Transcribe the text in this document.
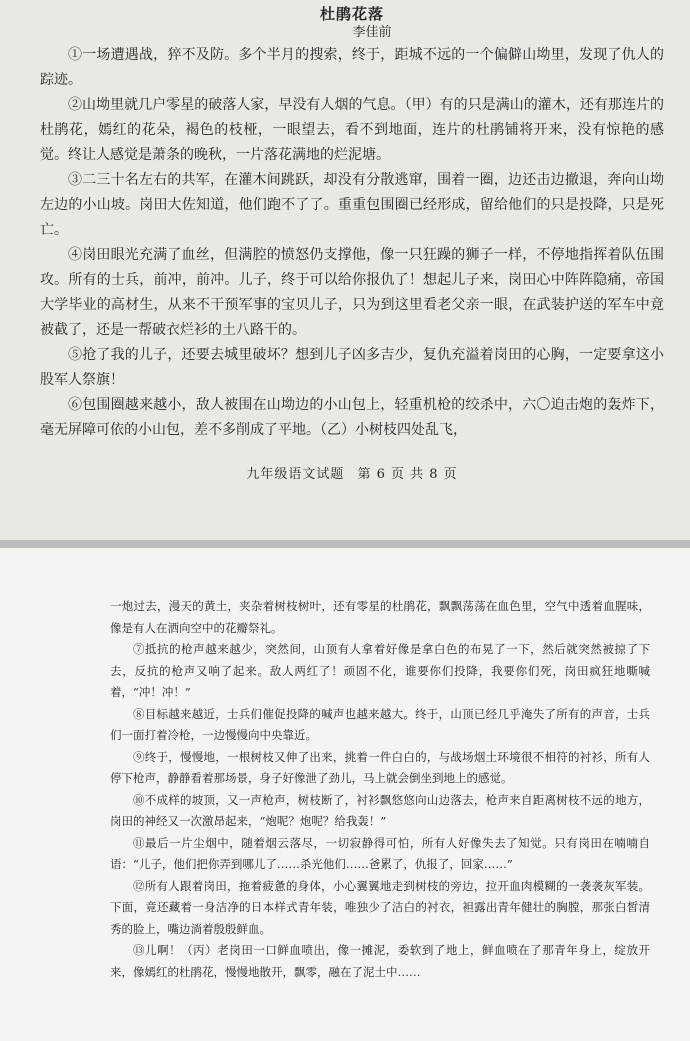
杜鹃花落
李佳前

①一场遭遇战，猝不及防。多个半月的搜索，终于，距城不远的一个偏僻山坳里，发现了仇人的踪迹。

②山坳里就几户零星的破落人家，早没有人烟的气息。（甲）有的只是满山的灌木，还有那连片的杜鹃花，嫣红的花朵，褐色的枝桠，一眼望去，看不到地面，连片的杜鹃铺将开来，没有惊艳的感觉。终让人感觉是萧条的晚秋，一片落花满地的烂泥塘。

③二三十名左右的共军，在灌木间跳跃，却没有分散逃窜，围着一圈，边还击边撤退，奔向山坳左边的小山坡。岗田大佐知道，他们跑不了了。重重包围圈已经形成，留给他们的只是投降，只是死亡。

④岗田眼光充满了血丝，但满腔的愤怒仍支撑他，像一只狂躁的狮子一样，不停地指挥着队伍围攻。所有的士兵，前冲，前冲。儿子，终于可以给你报仇了！想起儿子来，岗田心中阵阵隐痛，帝国大学毕业的高材生，从来不干预军事的宝贝儿子，只为到这里看老父亲一眼，在武装护送的军车中竟被截了，还是一帮破衣烂衫的土八路干的。

⑤抢了我的儿子，还要去城里破坏？想到儿子凶多吉少，复仇充溢着岗田的心胸，一定要拿这小股军人祭旗！

⑥包围圈越来越小，敌人被围在山坳边的小山包上，轻重机枪的绞杀中，六〇迫击炮的轰炸下，毫无屏障可依的小山包，差不多削成了平地。（乙）小树枝四处乱飞，

九年级语文试题 第 6 页 共 8 页

一炮过去，漫天的黄土，夹杂着树枝树叶，还有零星的杜鹃花，飘飘荡荡在血色里，空气中透着血腥味，像是有人在洒向空中的花瓣祭礼。

⑦抵抗的枪声越来越少，突然间，山顶有人拿着好像是拿白色的布晃了一下，然后就突然被掠了下去，反抗的枪声又响了起来。敌人两红了！顽固不化，谁要你们投降，我要你们死，岗田疯狂地嘶喊着，“冲！冲！”

⑧目标越来越近，士兵们催促投降的喊声也越来越大。终于，山顶已经几乎淹失了所有的声音，士兵们一面打着冷枪，一边慢慢向中央靠近。

⑨终于，慢慢地，一根树枝又伸了出来，挑着一件白白的，与战场烟土环境很不相符的衬衫，所有人停下枪声，静静看着那场景，身子好像泄了劲儿，马上就会倒坐到地上的感觉。

⑩不成样的坡顶，又一声枪声，树枝断了，衬衫飘悠悠向山边落去，枪声来自距离树枝不远的地方，岗田的神经又一次激昂起来，“炮呢？炮呢？给我轰！”

⑪最后一片尘烟中，随着烟云落尽，一切寂静得可怕，所有人好像失去了知觉。只有岗田在喃喃自语：“儿子，他们把你弄到哪儿了……杀光他们……爸累了，仇报了，回家……”

⑫所有人跟着岗田，拖着疲惫的身体，小心翼翼地走到树枝的旁边，拉开血肉模糊的一袭袭灰军装。下面，竟还藏着一身洁净的日本样式青年装，唯独少了洁白的衬衣，袒露出青年健壮的胸膛，那张白皙清秀的脸上，嘴边淌着殷殷鲜血。

⑬儿啊！（丙）老岗田一口鲜血喷出，像一摊泥，委软到了地上，鲜血喷在了那青年身上，绽放开来，像嫣红的杜鹃花，慢慢地散开，飘零，融在了泥土中……
